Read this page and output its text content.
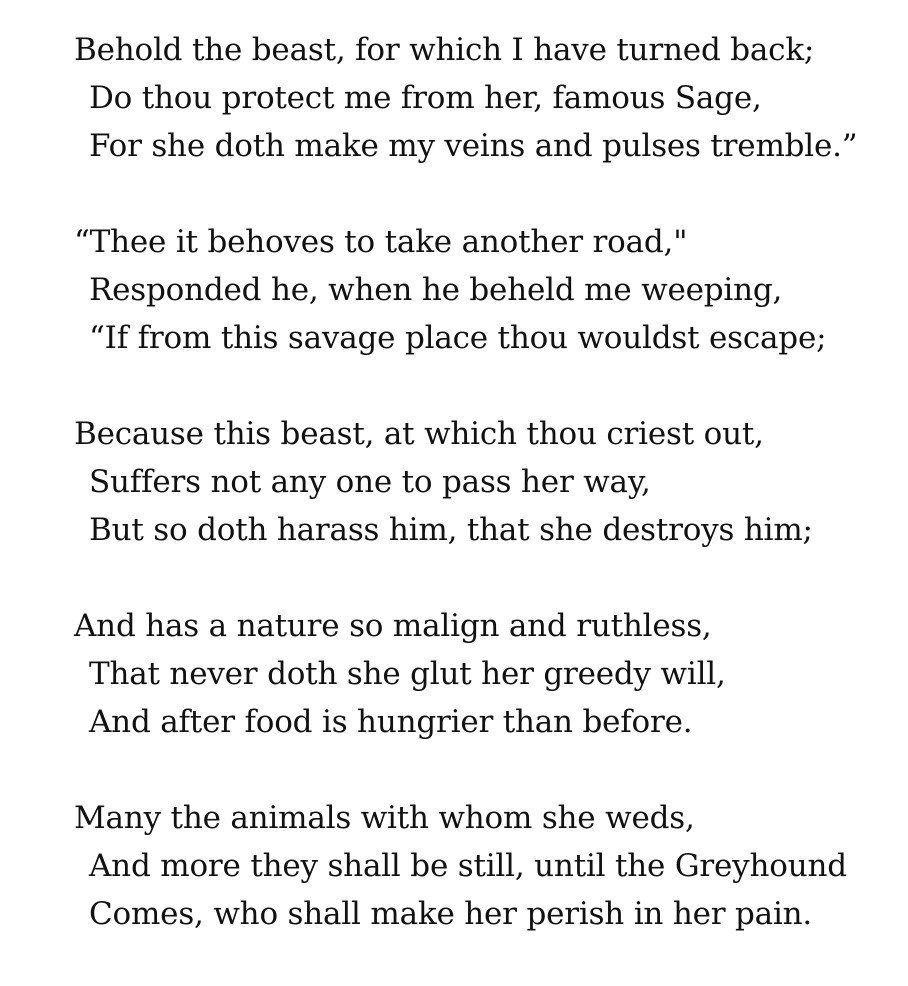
Behold the beast, for which I have turned back;
Do thou protect me from her, famous Sage,
For she doth make my veins and pulses tremble.”
“Thee it behoves to take another road,"
Responded he, when he beheld me weeping,
“If from this savage place thou wouldst escape;
Because this beast, at which thou criest out,
Suffers not any one to pass her way,
But so doth harass him, that she destroys him;
And has a nature so malign and ruthless,
That never doth she glut her greedy will,
And after food is hungrier than before.
Many the animals with whom she weds,
And more they shall be still, until the Greyhound
Comes, who shall make her perish in her pain.
